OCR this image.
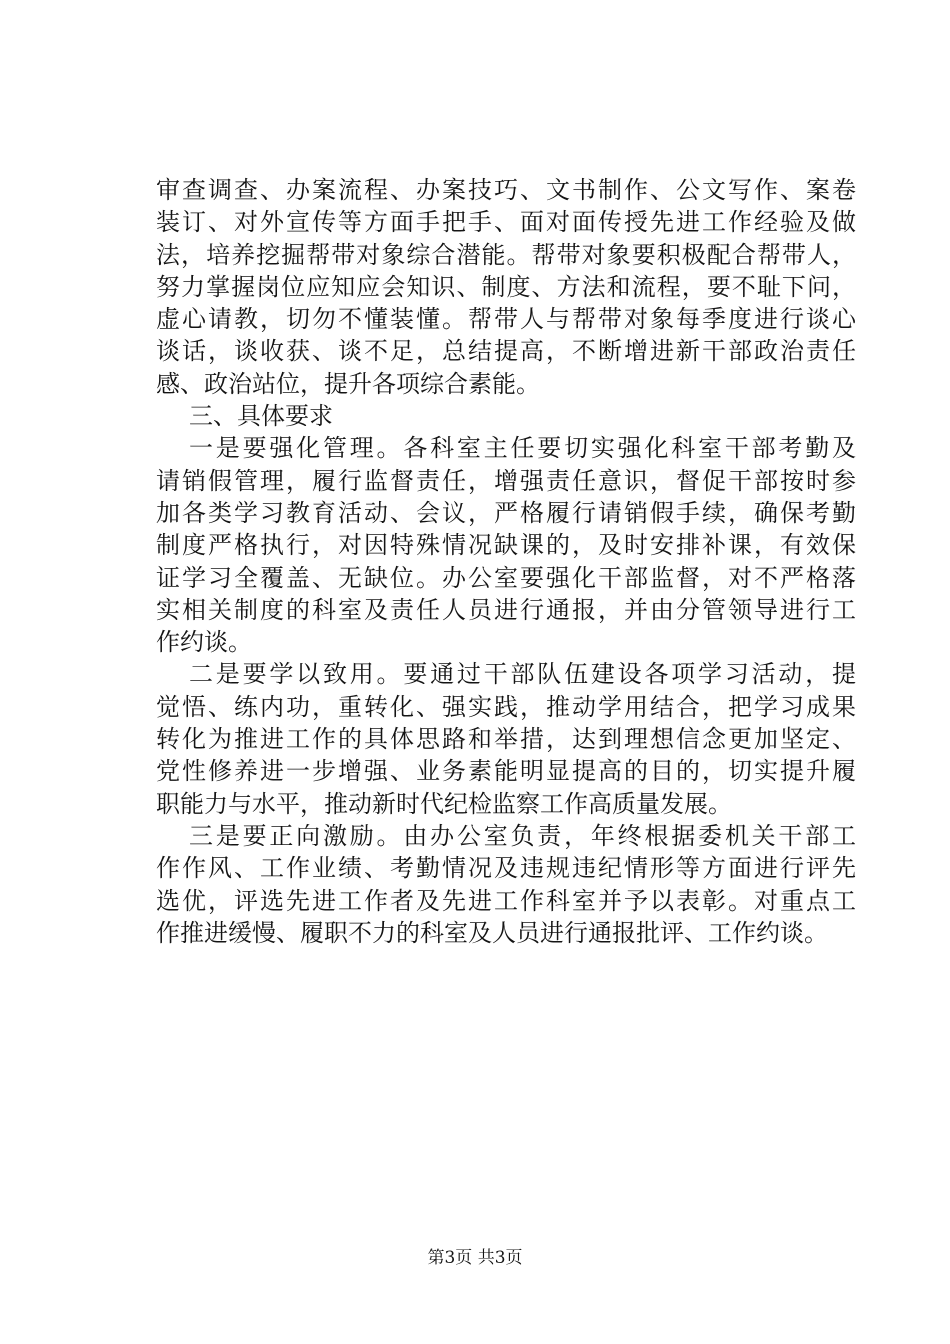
审查调查、办案流程、办案技巧、文书制作、公文写作、案卷
装订、对外宣传等方面手把手、面对面传授先进工作经验及做
法，培养挖掘帮带对象综合潜能。帮带对象要积极配合帮带人，
努力掌握岗位应知应会知识、制度、方法和流程，要不耻下问，
虚心请教，切勿不懂装懂。帮带人与帮带对象每季度进行谈心
谈话，谈收获、谈不足，总结提高，不断增进新干部政治责任
感、政治站位，提升各项综合素能。
三、具体要求
一是要强化管理。各科室主任要切实强化科室干部考勤及
请销假管理，履行监督责任，增强责任意识，督促干部按时参
加各类学习教育活动、会议，严格履行请销假手续，确保考勤
制度严格执行，对因特殊情况缺课的，及时安排补课，有效保
证学习全覆盖、无缺位。办公室要强化干部监督，对不严格落
实相关制度的科室及责任人员进行通报，并由分管领导进行工
作约谈。
二是要学以致用。要通过干部队伍建设各项学习活动，提
觉悟、练内功，重转化、强实践，推动学用结合，把学习成果
转化为推进工作的具体思路和举措，达到理想信念更加坚定、
党性修养进一步增强、业务素能明显提高的目的，切实提升履
职能力与水平，推动新时代纪检监察工作高质量发展。
三是要正向激励。由办公室负责，年终根据委机关干部工
作作风、工作业绩、考勤情况及违规违纪情形等方面进行评先
选优，评选先进工作者及先进工作科室并予以表彰。对重点工
作推进缓慢、履职不力的科室及人员进行通报批评、工作约谈。
第3页 共3页
